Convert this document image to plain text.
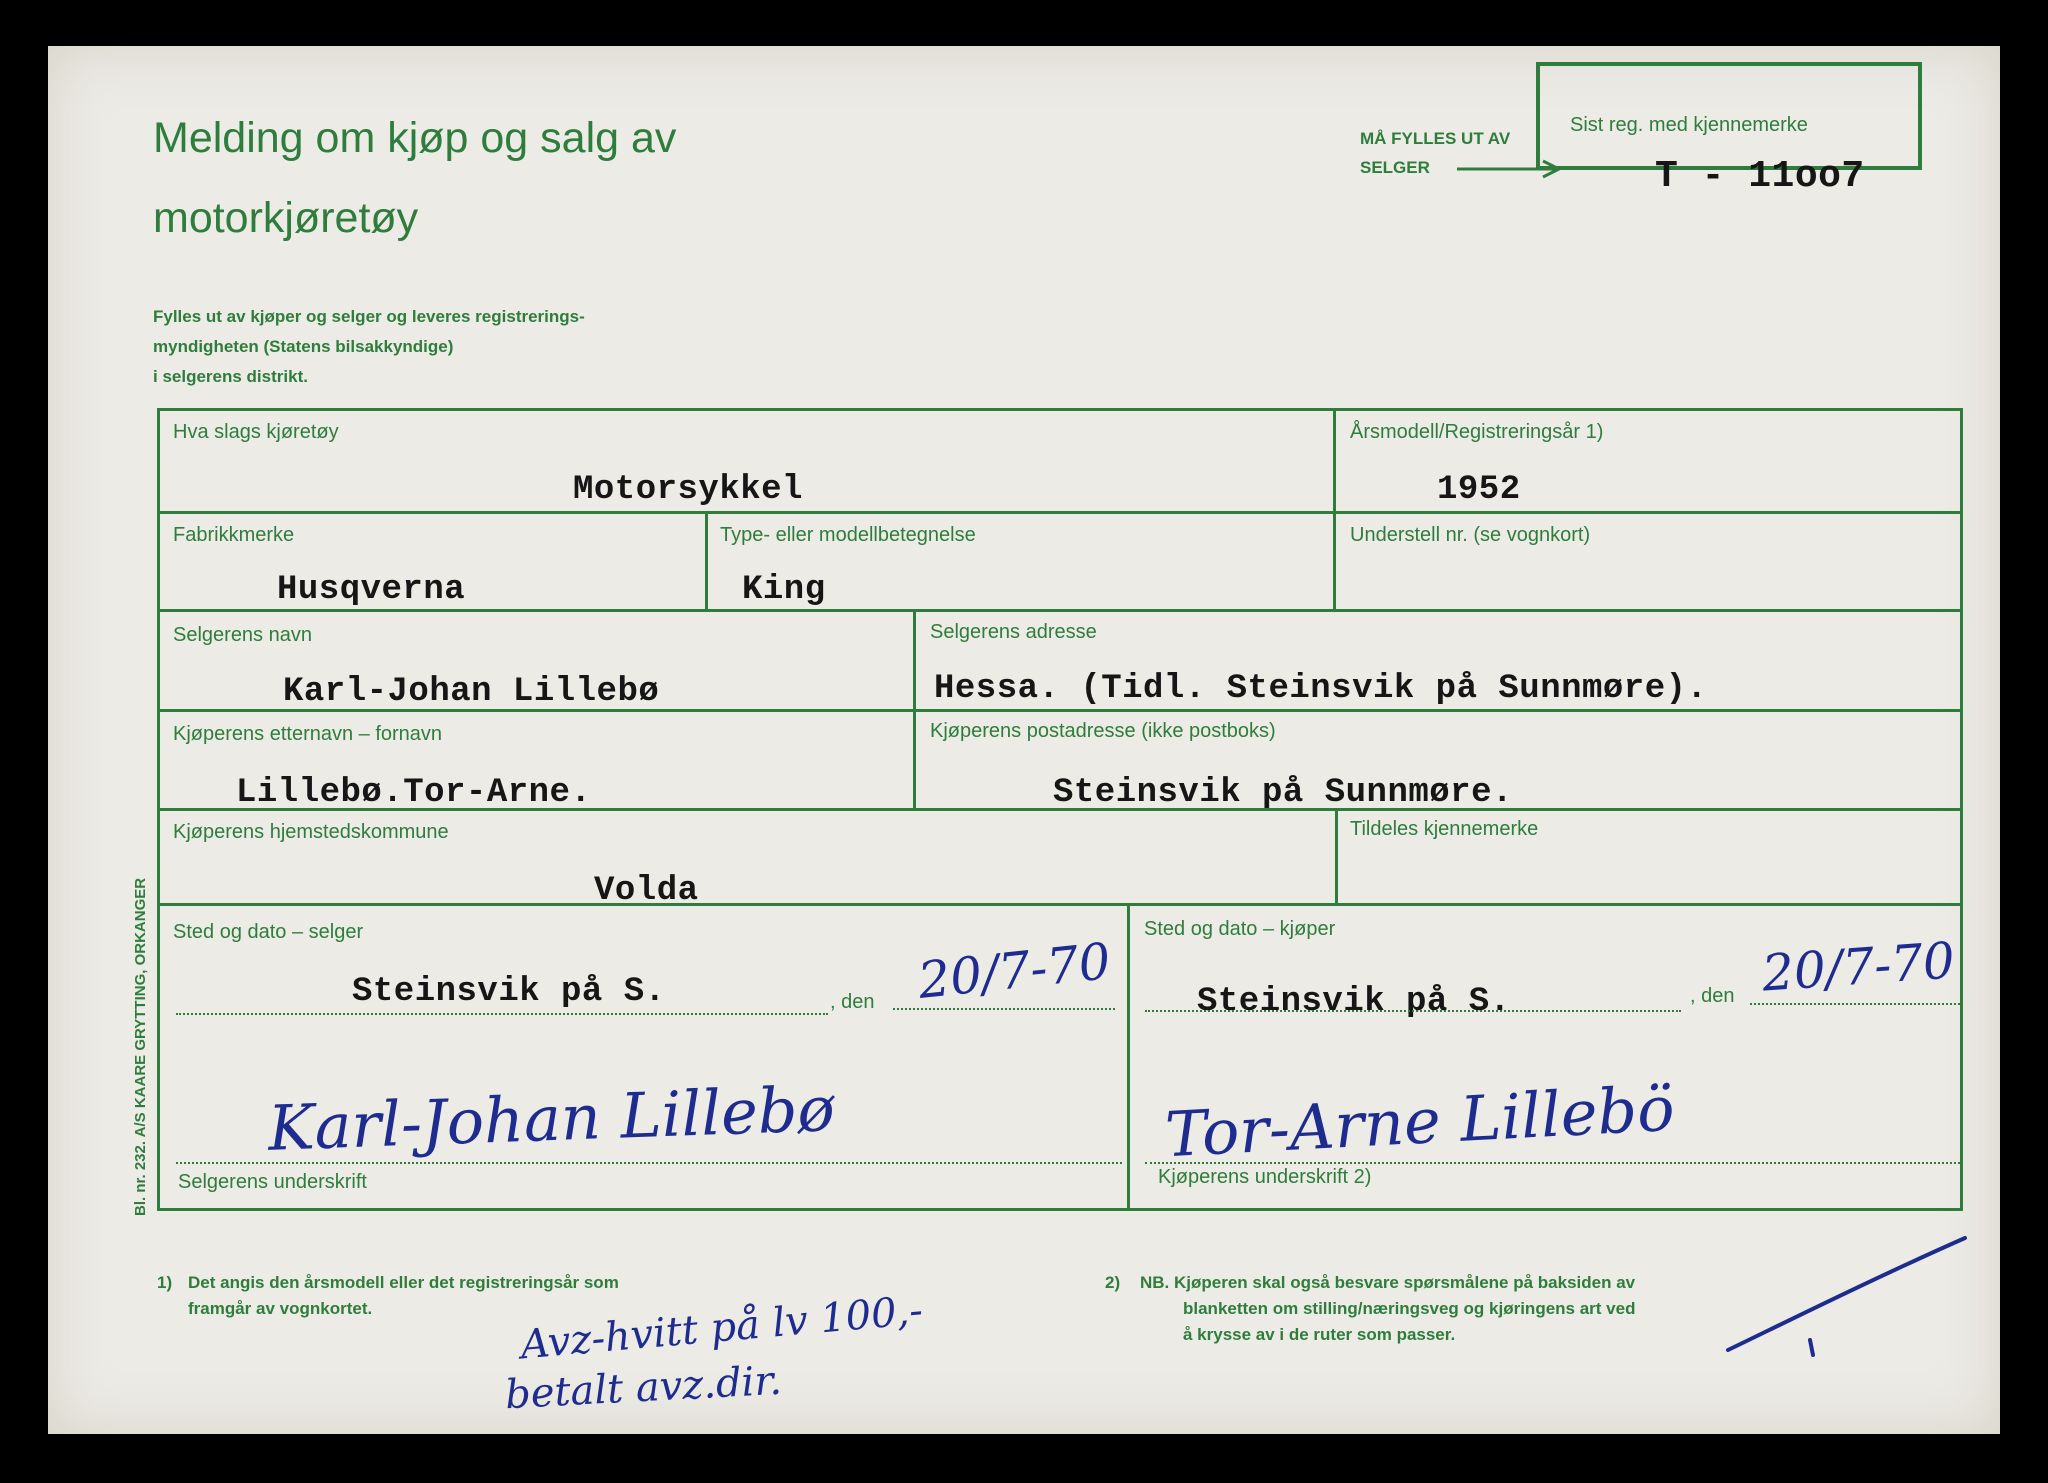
Melding om kjøp og salg av
motorkjøretøy
Fylles ut av kjøper og selger og leveres registrerings-
myndigheten (Statens bilsakkyndige)
i selgerens distrikt.
MÅ FYLLES UT AV
SELGER
Sist reg. med kjennemerke
T - 11oo7
Hva slags kjøretøy
Motorsykkel
Årsmodell/Registreringsår 1)
1952
Fabrikkmerke
Husqverna
Type- eller modellbetegnelse
King
Understell nr. (se vognkort)
Selgerens navn
Karl-Johan Lillebø
Selgerens adresse
Hessa. (Tidl. Steinsvik på Sunnmøre).
Kjøperens etternavn – fornavn
Lillebø.Tor-Arne.
Kjøperens postadresse (ikke postboks)
Steinsvik på Sunnmøre.
Kjøperens hjemstedskommune
Volda
Tildeles kjennemerke
Sted og dato – selger
Steinsvik på S.	, den 20/7-70
Sted og dato – kjøper
Steinsvik på S.	, den 20/7-70
Karl-Johan Lillebø
Selgerens underskrift
Tor-Arne Lillebö
Kjøperens underskrift 2)
Bl. nr. 232. A/S KAARE GRYTTING, ORKANGER
1) Det angis den årsmodell eller det registreringsår som
framgår av vognkortet.
2) NB. Kjøperen skal også besvare spørsmålene på baksiden av
blanketten om stilling/næringsveg og kjøringens art ved
å krysse av i de ruter som passer.
Avz-hvitt på lv 100,-
betalt avz.dir.
